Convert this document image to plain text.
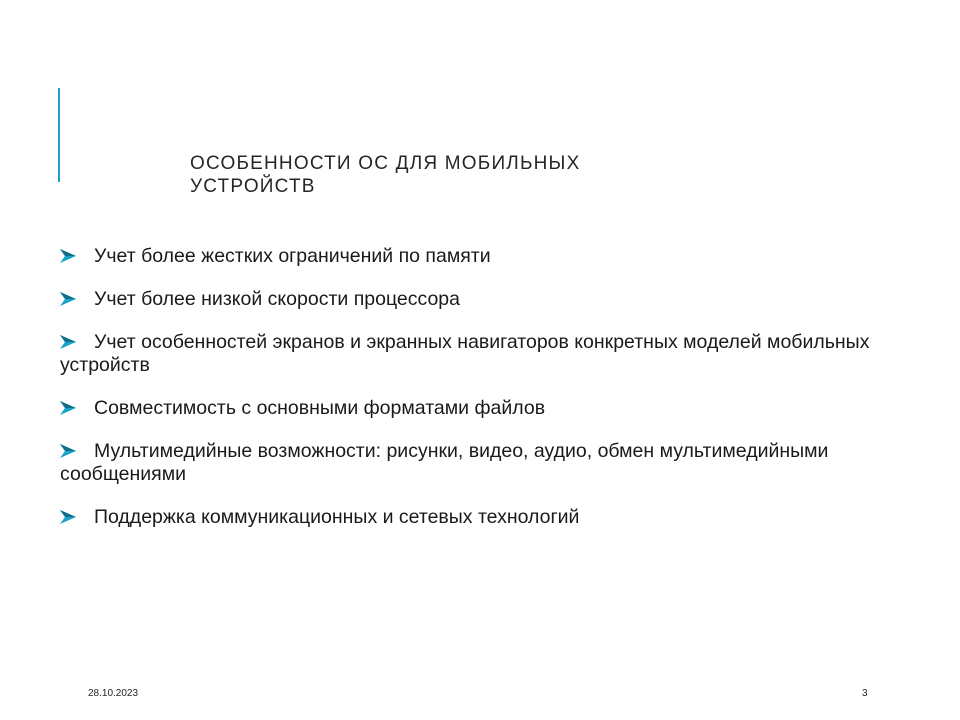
ОСОБЕННОСТИ ОС ДЛЯ МОБИЛЬНЫХ
УСТРОЙСТВ
Учет более жестких ограничений по памяти
Учет более низкой скорости процессора
Учет особенностей экранов и экранных навигаторов конкретных моделей мобильных устройств
Совместимость с основными форматами файлов
Мультимедийные возможности: рисунки, видео, аудио, обмен мультимедийными сообщениями
Поддержка коммуникационных и сетевых технологий
28.10.2023	3
